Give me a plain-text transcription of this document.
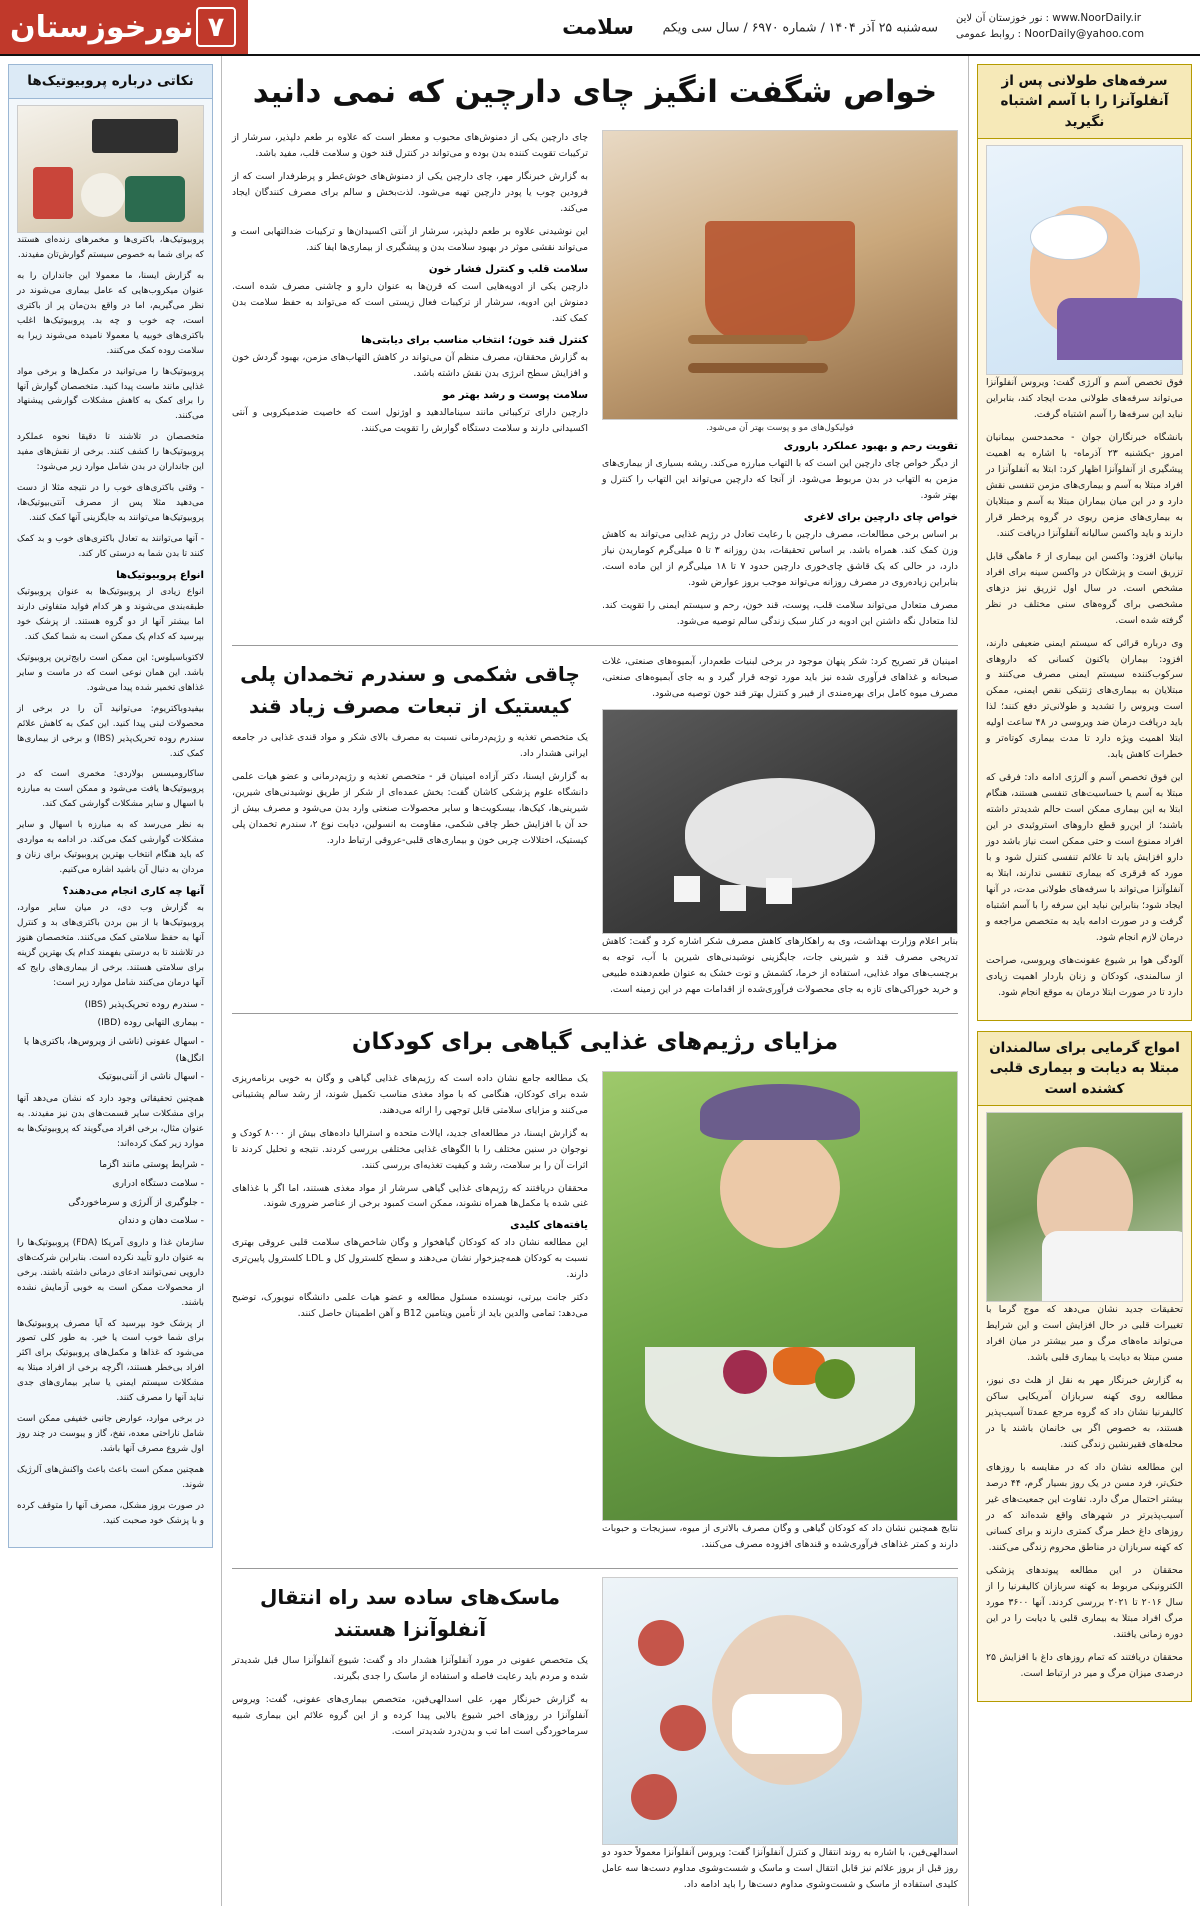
نور خوزستان آن لاین : www.NoorDaily.ir
روابط عمومی : NoorDaily@yahoo.com
سلامت سه‌شنبه ۲۵ آذر ۱۴۰۴ / شماره ۶۹۷۰ / سال سی ویکم
۷
نورخوزستان
سرفه‌های طولانی پس از آنفلوآنزا را با آسم اشتباه نگیرید

فوق تخصص آسم و آلرژی گفت: ویروس آنفلوآنزا می‌تواند سرفه‌های طولانی مدت ایجاد کند، بنابراین نباید این سرفه‌ها را آسم اشتباه گرفت.

بانشگاه خبرنگاران جوان - محمدحسن بیمانیان امروز -یکشنبه ۲۳ آذرماه- با اشاره به اهمیت پیشگیری از آنفلوآنزا اظهار کرد: ابتلا به آنفلوآنزا در افراد مبتلا به آسم و بیماری‌های مزمن تنفسی نقش دارد و در این میان بیماران مبتلا به آسم و مبتلایان به بیماری‌های مزمن ریوی در گروه پرخطر قرار دارند و باید واکسن سالیانه آنفلوآنزا دریافت کنند.

بیانیان افزود: واکسن این بیماری از ۶ ماهگی قابل تزریق است و پزشکان در واکسن سینه برای افراد مشخص است. در سال اول تزریق نیز دزهای مشخصی برای گروه‌های سنی مختلف در نظر گرفته شده است.

وی درباره قرائی که سیستم ایمنی ضعیفی دارند، افزود: بیماران یاکنون کسانی که داروهای سرکوب‌کننده سیستم ایمنی مصرف می‌کنند و مبتلایان به بیماری‌های ژنتیکی نقص ایمنی، ممکن است ویروس را تشدید و طولانی‌تر دفع کنند؛ لذا باید دریافت درمان ضد ویروسی در ۴۸ ساعت اولیه ابتلا اهمیت ویژه دارد تا مدت بیماری کوتاه‌تر و خطرات کاهش یابد.

این فوق تخصص آسم و آلرژی ادامه داد: فرقی که مبتلا به آسم یا حساسیت‌های تنفسی هستند، هنگام ابتلا به این بیماری ممکن است حالم شدیدتر داشته باشند؛ از این‌رو قطع داروهای استروئیدی در این افراد ممنوع است و حتی ممکن است نیاز باشد دوز دارو افزایش یابد تا علائم تنفسی کنترل شود و با مورد که قرقری که بیماری تنفسی ندارند، ابتلا به آنفلوآنزا می‌تواند با سرفه‌های طولانی مدت، در آنها ایجاد شود؛ بنابراین نباید این سرفه را با آسم اشتباه گرفت و در صورت ادامه باید به متخصص مراجعه و درمان لازم انجام شود.

آلودگی هوا بر شیوع عفونت‌های ویروسی، صراحت از سالمندی، کودکان و زنان باردار اهمیت زیادی دارد تا در صورت ابتلا درمان به موقع انجام شود.

امواج گرمایی برای سالمندان مبتلا به دیابت و بیماری قلبی کشنده است

تحقیقات جدید نشان می‌دهد که موج گرما با تغییرات قلبی در حال افزایش است و این شرایط می‌تواند ماه‌های مرگ و میر بیشتر در میان افراد مسن مبتلا به دیابت یا بیماری قلبی باشد.

به گزارش خبرنگار مهر به نقل از هلث دی نیوز، مطالعه روی کهنه سربازان آمریکایی ساکن کالیفرنیا نشان داد که گروه مرجع عمدتا آسیب‌پذیر هستند، به خصوص اگر بی خانمان باشند یا در محله‌های فقیرنشین زندگی کنند.

این مطالعه نشان داد که در مقایسه با روزهای خنک‌تر، فرد مسن در یک روز بسیار گرم، ۴۴ درصد بیشتر احتمال مرگ دارد. تفاوت این جمعیت‌های غیر آسیب‌پذیرتر در شهرهای واقع شده‌اند که در روزهای داغ خطر مرگ کمتری دارند و برای کسانی که کهنه سربازان در مناطق محروم زندگی می‌کنند.

محققان در این مطالعه پیوندهای پزشکی الکترونیکی مربوط به کهنه سربازان کالیفرنیا را از سال ۲۰۱۶ تا ۲۰۲۱ بررسی کردند. آنها ۳۶۰۰ مورد مرگ افراد مبتلا به بیماری قلبی یا دیابت را در این دوره زمانی یافتند.

محققان دریافتند که تمام روزهای داغ با افزایش ۲۵ درصدی میزان مرگ و میر در ارتباط است.

خواص شگفت انگیز چای دارچین که نمی دانید
فولیکول‌های مو و پوست بهتر آن می‌شود.
تقویت رحم و بهبود عملکرد باروری

از دیگر خواص چای دارچین این است که با التهاب مبارزه می‌کند. ریشه بسیاری از بیماری‌های مزمن به التهاب در بدن مربوط می‌شود. از آنجا که دارچین می‌تواند این التهاب را کنترل و بهتر شود.

خواص چای دارچین برای لاغری

بر اساس برخی مطالعات، مصرف دارچین با رعایت تعادل در رژیم غذایی می‌تواند به کاهش وزن کمک کند. همراه باشد. بر اساس تحقیقات، بدن روزانه ۳ تا ۵ میلی‌گرم کوماریدن نیاز دارد، در حالی که یک قاشق چای‌خوری دارچین حدود ۷ تا ۱۸ میلی‌گرم از این ماده است. بنابراین زیاده‌روی در مصرف روزانه می‌تواند موجب بروز عوارض شود.

مصرف متعادل می‌تواند سلامت قلب، پوست، قند خون، رحم و سیستم ایمنی را تقویت کند. لذا متعادل نگه داشتن این ادویه در کنار سبک زندگی سالم توصیه می‌شود.

چای دارچین یکی از دمنوش‌های محبوب و معطر است که علاوه بر طعم دلپذیر، سرشار از ترکیبات تقویت کننده بدن بوده و می‌تواند در کنترل قند خون و سلامت قلب، مفید باشد.

به گزارش خبرنگار مهر، چای دارچین یکی از دمنوش‌های خوش‌عطر و پرطرفدار است که از فرودین چوب یا پودر دارچین تهیه می‌شود. لذت‌بخش و سالم برای مصرف کنندگان ایجاد می‌کند.

این نوشیدنی علاوه بر طعم دلپذیر، سرشار از آنتی اکسیدان‌ها و ترکیبات ضدالتهابی است و می‌تواند نقشی موثر در بهبود سلامت بدن و پیشگیری از بیماری‌ها ایفا کند.

سلامت قلب و کنترل فشار خون

دارچین یکی از ادویه‌هایی است که قرن‌ها به عنوان دارو و چاشنی مصرف شده است. دمنوش این ادویه، سرشار از ترکیبات فعال زیستی است که می‌تواند به حفظ سلامت بدن کمک کند.

کنترل قند خون؛ انتخاب مناسب برای دیابتی‌ها

به گزارش محققان، مصرف منظم آن می‌تواند در کاهش التهاب‌های مزمن، بهبود گردش خون و افزایش سطح انرژی بدن نقش داشته باشد.

سلامت پوست و رشد بهتر مو

دارچین دارای ترکیباتی مانند سینامالدهید و اوژنول است که خاصیت ضدمیکروبی و آنتی اکسیدانی دارند و سلامت دستگاه گوارش را تقویت می‌کنند.

امینیان قر تصریح کرد: شکر پنهان موجود در برخی لبنیات طعم‌دار، آبمیوه‌های صنعتی، غلات صبحانه و غذاهای فرآوری شده نیز باید مورد توجه قرار گیرد و به جای آبمیوه‌های صنعتی، مصرف میوه کامل برای بهره‌مندی از فیبر و کنترل بهتر قند خون توصیه می‌شود.

بنابر اعلام وزارت بهداشت، وی به راهکارهای کاهش مصرف شکر اشاره کرد و گفت: کاهش تدریجی مصرف قند و شیرینی جات، جایگزینی نوشیدنی‌های شیرین با آب، توجه به برچسب‌های مواد غذایی، استفاده از خرما، کشمش و توت خشک به عنوان طعم‌دهنده طبیعی و خرید خوراکی‌های تازه به جای محصولات فرآوری‌شده از اقدامات مهم در این زمینه است.

چاقی شکمی و سندرم تخمدان پلی کیستیک از تبعات مصرف زیاد قند

یک متخصص تغذیه و رژیم‌درمانی نسبت به مصرف بالای شکر و مواد قندی غذایی در جامعه ایرانی هشدار داد.

به گزارش ایسنا، دکتر آزاده امینیان قر - متخصص تغذیه و رژیم‌درمانی و عضو هیات علمی دانشگاه علوم پزشکی کاشان گفت: بخش عمده‌ای از شکر از طریق نوشیدنی‌های شیرین، شیرینی‌ها، کیک‌ها، بیسکویت‌ها و سایر محصولات صنعتی وارد بدن می‌شود و مصرف بیش از حد آن با افزایش خطر چاقی شکمی، مقاومت به انسولین، دیابت نوع ۲، سندرم تخمدان پلی کیستیک، اختلالات چربی خون و بیماری‌های قلبی-عروقی ارتباط دارد.

مزایای رژیم‌های غذایی گیاهی برای کودکان

نتایج همچنین نشان داد که کودکان گیاهی و وگان مصرف بالاتری از میوه، سبزیجات و حبوبات دارند و کمتر غذاهای فرآوری‌شده و قندهای افزوده مصرف می‌کنند.

یک مطالعه جامع نشان داده است که رژیم‌های غذایی گیاهی و وگان به خوبی برنامه‌ریزی شده برای کودکان، هنگامی که با مواد مغذی مناسب تکمیل شوند، از رشد سالم پشتیبانی می‌کنند و مزایای سلامتی قابل توجهی را ارائه می‌دهند.

به گزارش ایسنا، در مطالعه‌ای جدید، ایالات متحده و استرالیا داده‌های بیش از ۸۰۰۰ کودک و نوجوان در سنین مختلف را با الگوهای غذایی مختلفی بررسی کردند. نتیجه و تحلیل کردند تا اثرات آن را بر سلامت، رشد و کیفیت تغذیه‌ای بررسی کنند.

محققان دریافتند که رژیم‌های غذایی گیاهی سرشار از مواد مغذی هستند، اما اگر با غذاهای غنی شده یا مکمل‌ها همراه نشوند، ممکن است کمبود برخی از عناصر ضروری شوند.

یافته‌های کلیدی

این مطالعه نشان داد که کودکان گیاهخوار و وگان شاخص‌های سلامت قلبی عروقی بهتری نسبت به کودکان همه‌چیزخوار نشان می‌دهند و سطح کلسترول کل و LDL کلسترول پایین‌تری دارند.

دکتر جانت بیرتی، نویسنده مسئول مطالعه و عضو هیات علمی دانشگاه نیویورک، توضیح می‌دهد: تمامی والدین باید از تأمین ویتامین B12 و آهن اطمینان حاصل کنند.

اسدالهی‌فین، با اشاره به روند انتقال و کنترل آنفلوآنزا گفت: ویروس آنفلوآنزا معمولاً حدود دو روز قبل از بروز علائم نیز قابل انتقال است و ماسک و شست‌وشوی مداوم دست‌ها سه عامل کلیدی استفاده از ماسک و شست‌وشوی مداوم دست‌ها را باید ادامه داد.

ماسک‌های ساده سد راه انتقال آنفلوآنزا هستند

یک متخصص عفونی در مورد آنفلوآنزا هشدار داد و گفت: شیوع آنفلوآنزا سال قبل شدیدتر شده و مردم باید رعایت فاصله و استفاده از ماسک را جدی بگیرند.

به گزارش خبرنگار مهر، علی اسدالهی‌فین، متخصص بیماری‌های عفونی، گفت: ویروس آنفلوآنزا در روزهای اخیر شیوع بالایی پیدا کرده و از این گروه علائم این بیماری شبیه سرماخوردگی است اما تب و بدن‌درد شدیدتر است.

نکاتی درباره پروبیوتیک‌ها

پروبیوتیک‌ها، باکتری‌ها و مخمرهای زنده‌ای هستند که برای شما به خصوص سیستم گوارش‌تان مفیدند.

به گزارش ایسنا، ما معمولا این جانداران را به عنوان میکروب‌هایی که عامل بیماری می‌شوند در نظر می‌گیریم، اما در واقع بدن‌مان پر از باکتری است، چه خوب و چه بد. پروبیوتیک‌ها اغلب باکتری‌های خوبیه یا معمولا نامیده می‌شوند زیرا به سلامت روده کمک می‌کنند.

پروبیوتیک‌ها را می‌توانید در مکمل‌ها و برخی مواد غذایی مانند ماست پیدا کنید. متخصصان گوارش آنها را برای کمک به کاهش مشکلات گوارشی پیشنهاد می‌کنند.

متخصصان در تلاشند تا دقیقا نحوه عملکرد پروبیوتیک‌ها را کشف کنند. برخی از نقش‌های مفید این جانداران در بدن شامل موارد زیر می‌شود:

- وقتی باکتری‌های خوب را در نتیجه مثلا از دست می‌دهید مثلا پس از مصرف آنتی‌بیوتیک‌ها، پروبیوتیک‌ها می‌توانند به جایگزینی آنها کمک کنند.

- آنها می‌توانند به تعادل باکتری‌های خوب و بد کمک کنند تا بدن شما به درستی کار کند.

انواع پروبیوتیک‌ها

انواع زیادی از پروبیوتیک‌ها به عنوان پروبیوتیک طبقه‌بندی می‌شوند و هر کدام فواید متفاوتی دارند اما بیشتر آنها از دو گروه هستند. از پزشک خود بپرسید که کدام یک ممکن است به شما کمک کند.

لاکتوباسیلوس: این ممکن است رایج‌ترین پروبیوتیک باشد. این همان نوعی است که در ماست و سایر غذاهای تخمیر شده پیدا می‌شود.

بیفیدوباکتریوم: می‌توانید آن را در برخی از محصولات لبنی پیدا کنید. این کمک به کاهش علائم سندرم روده تحریک‌پذیر (IBS) و برخی از بیماری‌ها کمک کند.

ساکارومیسس بولاردی: مخمری است که در پروبیوتیک‌ها یافت می‌شود و ممکن است به مبارزه با اسهال و سایر مشکلات گوارشی کمک کند.

به نظر می‌رسد که به مبارزه با اسهال و سایر مشکلات گوارشی کمک می‌کند. در ادامه به مواردی که باید هنگام انتخاب بهترین پروبیوتیک برای زنان و مردان به دنبال آن باشید اشاره می‌کنیم.

آنها چه کاری انجام می‌دهند؟

به گزارش وب دی، در میان سایر موارد، پروبیوتیک‌ها با از بین بردن باکتری‌های بد و کنترل آنها به حفظ سلامتی کمک می‌کنند. متخصصان هنوز در تلاشند تا به درستی بفهمند کدام یک بهترین گزینه برای سلامتی هستند. برخی از بیماری‌های رایج که آنها درمان می‌کنند شامل موارد زیر است:

- سندرم روده تحریک‌پذیر (IBS)
- بیماری التهابی روده (IBD)
- اسهال عفونی (ناشی از ویروس‌ها، باکتری‌ها یا انگل‌ها)
- اسهال ناشی از آنتی‌بیوتیک

همچنین تحقیقاتی وجود دارد که نشان می‌دهد آنها برای مشکلات سایر قسمت‌های بدن نیز مفیدند. به عنوان مثال، برخی افراد می‌گویند که پروبیوتیک‌ها به موارد زیر کمک کرده‌اند:

- شرایط پوستی مانند اگزما
- سلامت دستگاه ادراری
- جلوگیری از آلرژی و سرماخوردگی
- سلامت دهان و دندان

سازمان غذا و داروی آمریکا (FDA) پروبیوتیک‌ها را به عنوان دارو تأیید نکرده است. بنابراین شرکت‌های دارویی نمی‌توانند ادعای درمانی داشته باشند. برخی از محصولات ممکن است به خوبی آزمایش نشده باشند.

از پزشک خود بپرسید که آیا مصرف پروبیوتیک‌ها برای شما خوب است یا خیر. به طور کلی تصور می‌شود که غذاها و مکمل‌های پروبیوتیک برای اکثر افراد بی‌خطر هستند، اگرچه برخی از افراد مبتلا به مشکلات سیستم ایمنی یا سایر بیماری‌های جدی نباید آنها را مصرف کنند.

در برخی موارد، عوارض جانبی خفیفی ممکن است شامل ناراحتی معده، نفخ، گاز و یبوست در چند روز اول شروع مصرف آنها باشد.

همچنین ممکن است باعث باعث واکنش‌های آلرژیک شوند.

در صورت بروز مشکل، مصرف آنها را متوقف کرده و با پزشک خود صحبت کنید.
